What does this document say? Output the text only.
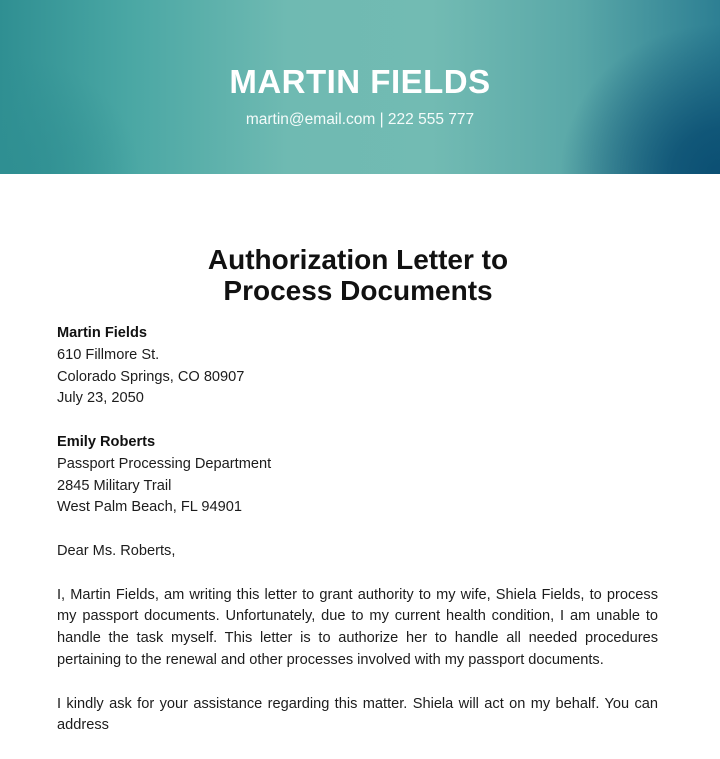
MARTIN FIELDS
martin@email.com | 222 555 777
Authorization Letter to
Process Documents
Martin Fields
610 Fillmore St.
Colorado Springs, CO 80907
July 23, 2050
Emily Roberts
Passport Processing Department
2845 Military Trail
West Palm Beach, FL 94901
Dear Ms. Roberts,
I, Martin Fields, am writing this letter to grant authority to my wife, Shiela Fields, to process my passport documents. Unfortunately, due to my current health condition, I am unable to handle the task myself. This letter is to authorize her to handle all needed procedures pertaining to the renewal and other processes involved with my passport documents.
I kindly ask for your assistance regarding this matter. Shiela will act on my behalf. You can address
